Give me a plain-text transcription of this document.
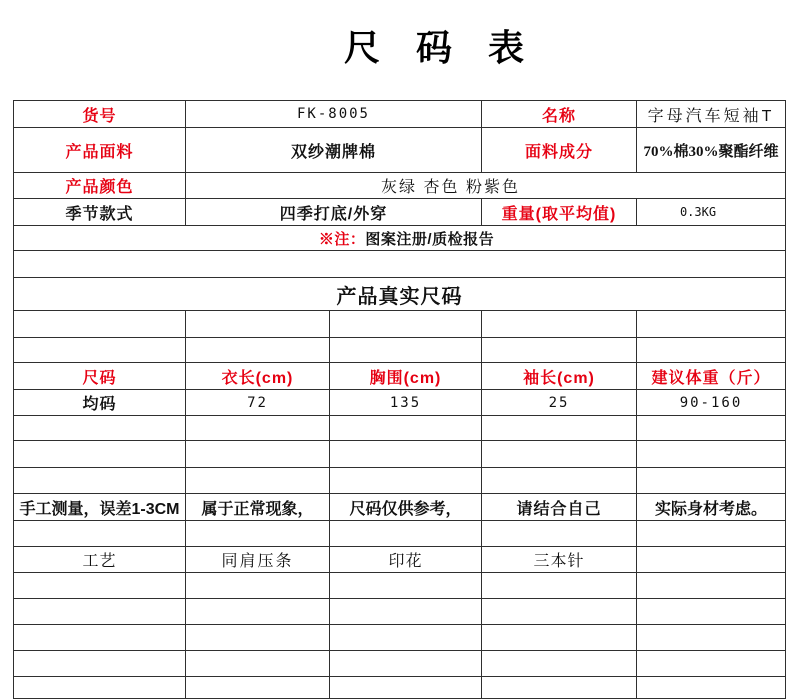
尺 码 表
货号	FK-8005	名称	字母汽车短袖T
产品面料	双纱潮牌棉	面料成分	70%棉30%聚酯纤维
产品颜色	灰绿 杏色 粉紫色
季节款式	四季打底/外穿	重量(取平均值)	0.3KG
※注： 图案注册/质检报告
产品真实尺码
尺码	衣长(cm)	胸围(cm)	袖长(cm)	建议体重（斤）
均码	72	135	25	90-160
手工测量，误差1-3CM	属于正常现象，	尺码仅供参考，	请结合自己	实际身材考虑。
工艺	同肩压条	印花	三本针
